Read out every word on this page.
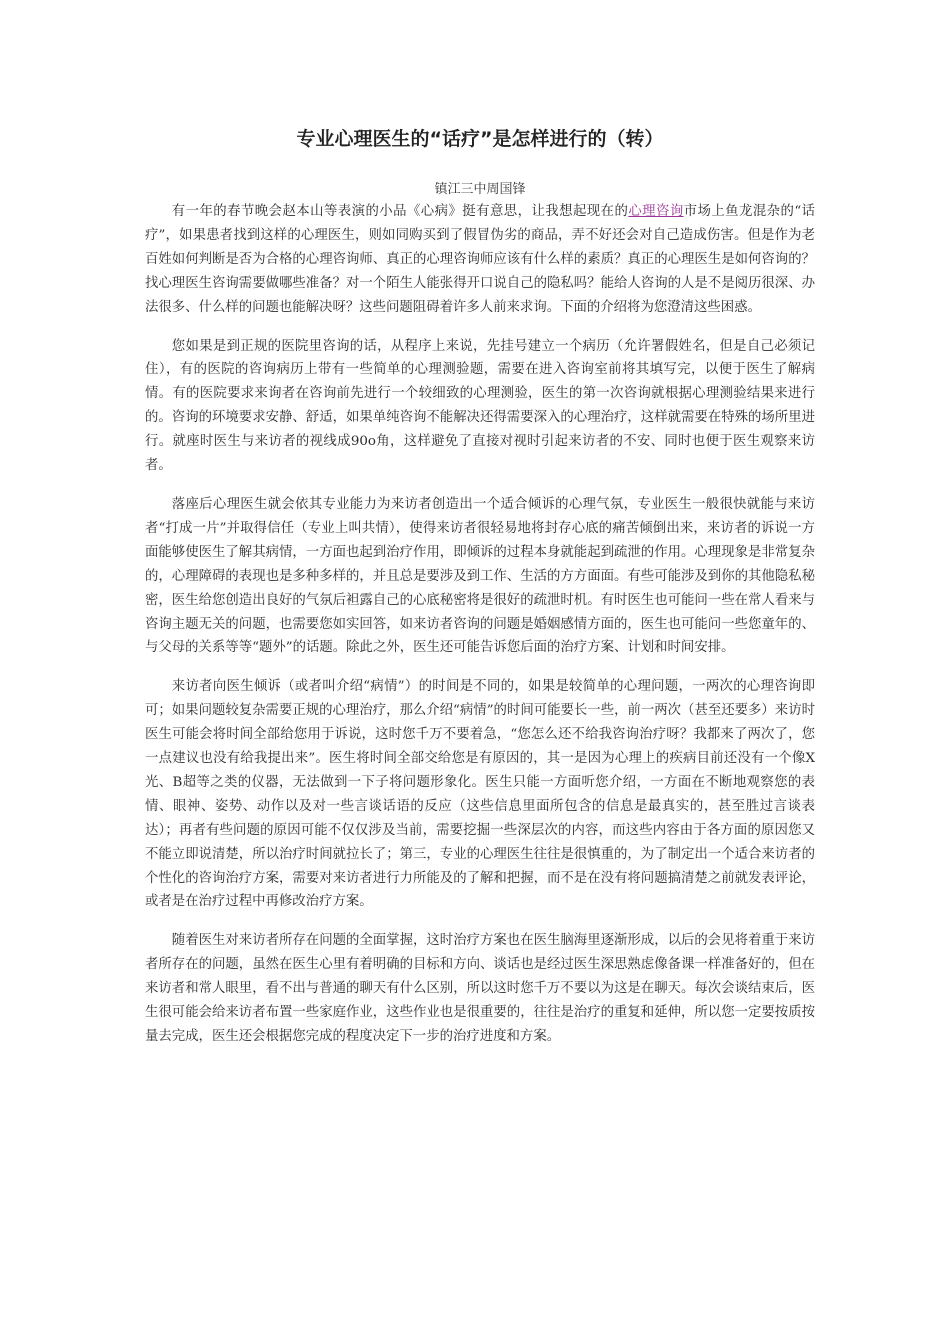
专业心理医生的“话疗”是怎样进行的（转）
镇江三中周国锋

有一年的春节晚会赵本山等表演的小品《心病》挺有意思，让我想起现在的心理咨询市场上鱼龙混杂的“话疗”，如果患者找到这样的心理医生，则如同购买到了假冒伪劣的商品，弄不好还会对自己造成伤害。但是作为老百姓如何判断是否为合格的心理咨询师、真正的心理咨询师应该有什么样的素质？真正的心理医生是如何咨询的？找心理医生咨询需要做哪些准备？对一个陌生人能张得开口说自己的隐私吗？能给人咨询的人是不是阅历很深、办法很多、什么样的问题也能解决呀？这些问题阻碍着许多人前来求询。下面的介绍将为您澄清这些困惑。

您如果是到正规的医院里咨询的话，从程序上来说，先挂号建立一个病历（允许署假姓名，但是自己必须记住），有的医院的咨询病历上带有一些简单的心理测验题，需要在进入咨询室前将其填写完，以便于医生了解病情。有的医院要求来询者在咨询前先进行一个较细致的心理测验，医生的第一次咨询就根据心理测验结果来进行的。咨询的环境要求安静、舒适，如果单纯咨询不能解决还得需要深入的心理治疗，这样就需要在特殊的场所里进行。就座时医生与来访者的视线成90o角，这样避免了直接对视时引起来访者的不安、同时也便于医生观察来访者。

落座后心理医生就会依其专业能力为来访者创造出一个适合倾诉的心理气氛，专业医生一般很快就能与来访者“打成一片”并取得信任（专业上叫共情），使得来访者很轻易地将封存心底的痛苦倾倒出来，来访者的诉说一方面能够使医生了解其病情，一方面也起到治疗作用，即倾诉的过程本身就能起到疏泄的作用。心理现象是非常复杂的，心理障碍的表现也是多种多样的，并且总是要涉及到工作、生活的方方面面。有些可能涉及到你的其他隐私秘密，医生给您创造出良好的气氛后袒露自己的心底秘密将是很好的疏泄时机。有时医生也可能问一些在常人看来与咨询主题无关的问题，也需要您如实回答，如来访者咨询的问题是婚姻感情方面的，医生也可能问一些您童年的、与父母的关系等等“题外”的话题。除此之外，医生还可能告诉您后面的治疗方案、计划和时间安排。

来访者向医生倾诉（或者叫介绍“病情”）的时间是不同的，如果是较简单的心理问题，一两次的心理咨询即可；如果问题较复杂需要正规的心理治疗，那么介绍“病情”的时间可能要长一些，前一两次（甚至还要多）来访时医生可能会将时间全部给您用于诉说，这时您千万不要着急，“您怎么还不给我咨询治疗呀？我都来了两次了，您一点建议也没有给我提出来”。医生将时间全部交给您是有原因的，其一是因为心理上的疾病目前还没有一个像X光、B超等之类的仪器，无法做到一下子将问题形象化。医生只能一方面听您介绍，一方面在不断地观察您的表情、眼神、姿势、动作以及对一些言谈话语的反应（这些信息里面所包含的信息是最真实的，甚至胜过言谈表达）；再者有些问题的原因可能不仅仅涉及当前，需要挖掘一些深层次的内容，而这些内容由于各方面的原因您又不能立即说清楚，所以治疗时间就拉长了；第三，专业的心理医生往往是很慎重的，为了制定出一个适合来访者的个性化的咨询治疗方案，需要对来访者进行力所能及的了解和把握，而不是在没有将问题搞清楚之前就发表评论，或者是在治疗过程中再修改治疗方案。

随着医生对来访者所存在问题的全面掌握，这时治疗方案也在医生脑海里逐渐形成，以后的会见将着重于来访者所存在的问题，虽然在医生心里有着明确的目标和方向、谈话也是经过医生深思熟虑像备课一样准备好的，但在来访者和常人眼里，看不出与普通的聊天有什么区别，所以这时您千万不要以为这是在聊天。每次会谈结束后，医生很可能会给来访者布置一些家庭作业，这些作业也是很重要的，往往是治疗的重复和延伸，所以您一定要按质按量去完成，医生还会根据您完成的程度决定下一步的治疗进度和方案。
